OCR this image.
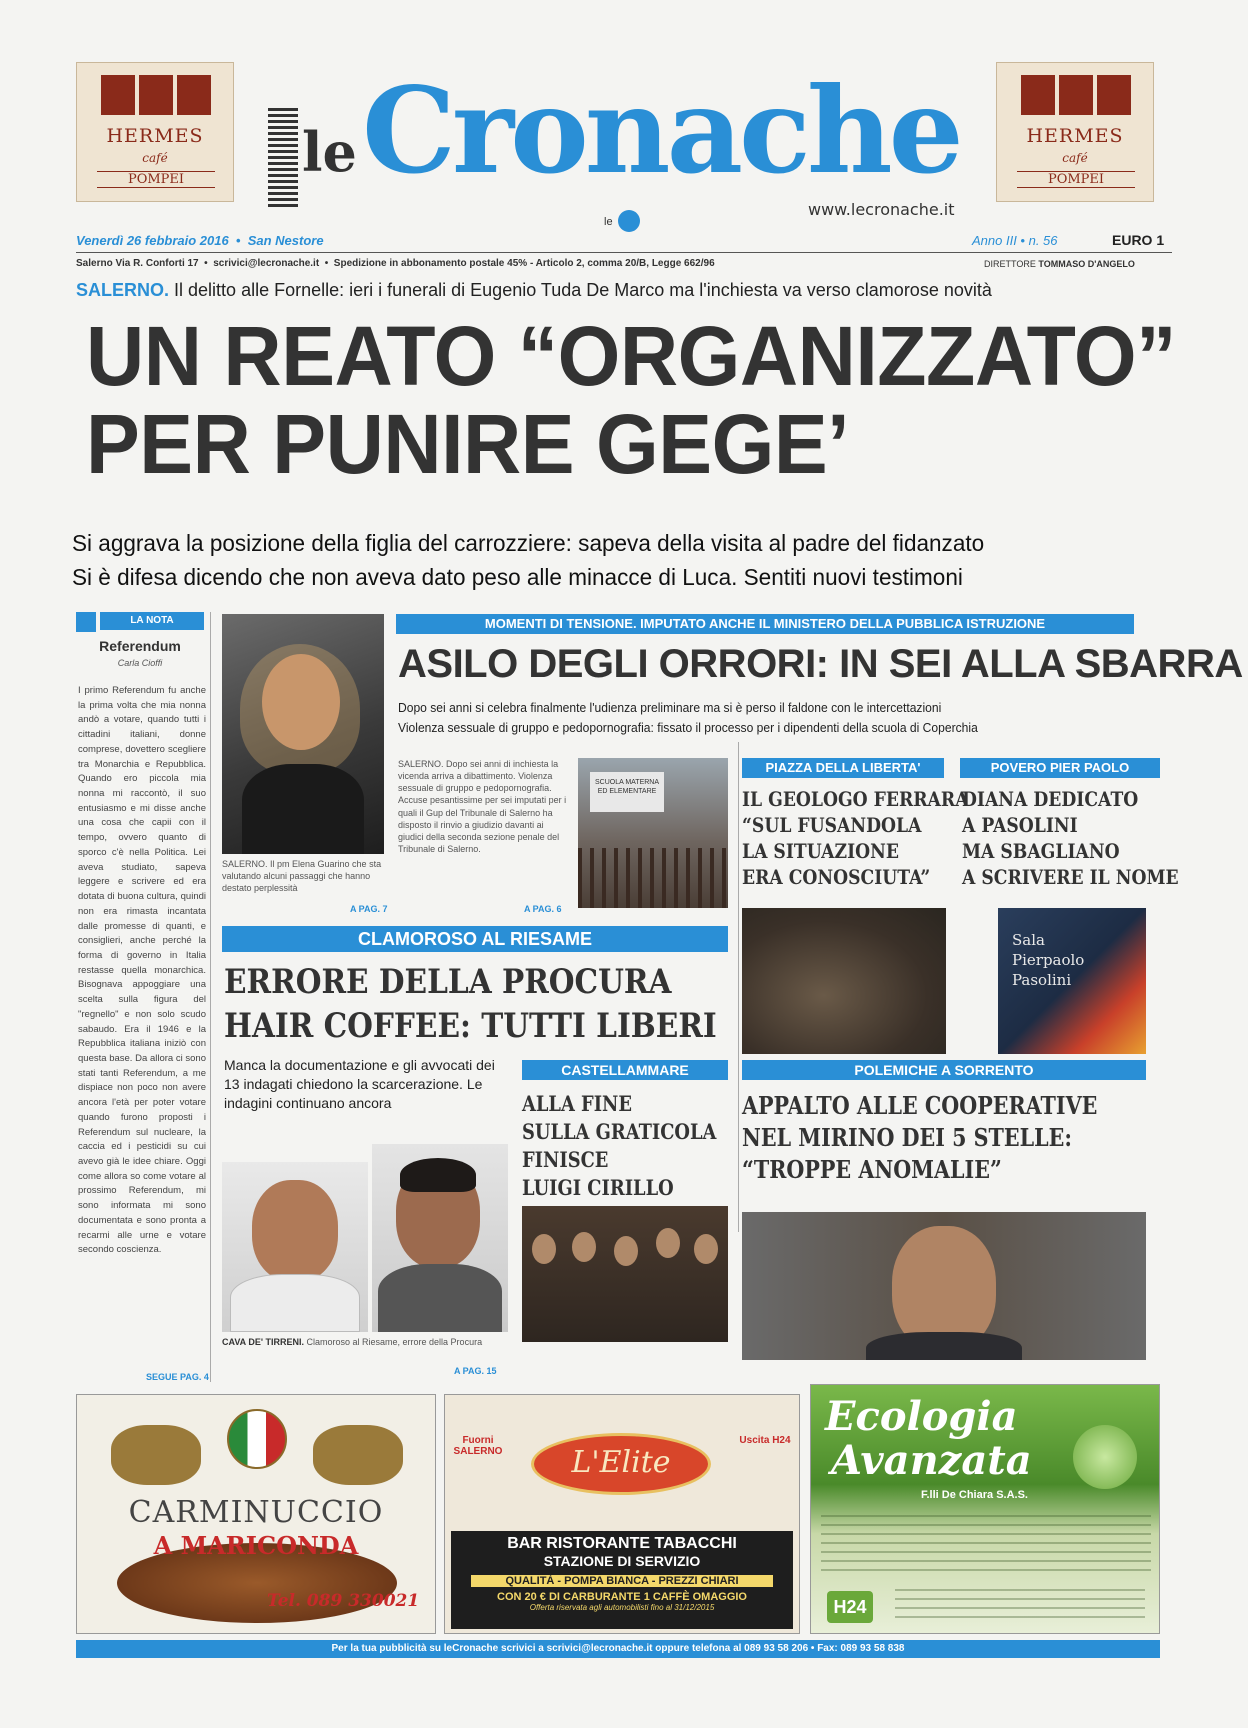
HERMES
café
POMPEI
HERMES
café
POMPEI
le Cronache
www.lecronache.it
le
Venerdì 26 febbraio 2016  •  San Nestore	Anno III • n. 56	EURO 1
Salerno Via R. Conforti 17  •  scrivici@lecronache.it  •  Spedizione in abbonamento postale 45% - Articolo 2, comma 20/B, Legge 662/96	DIRETTORE TOMMASO D'ANGELO
SALERNO. Il delitto alle Fornelle: ieri i funerali di Eugenio Tuda De Marco ma l'inchiesta va verso clamorose novità
UN REATO “ORGANIZZATO”
PER PUNIRE GEGE’
Si aggrava la posizione della figlia del carrozziere: sapeva della visita al padre del fidanzato
Si è difesa dicendo che non aveva dato peso alle minacce di Luca. Sentiti nuovi testimoni
LA NOTA
Referendum
Carla Cioffi
I primo Referendum fu anche la prima volta che mia nonna andò a votare, quando tutti i cittadini italiani, donne comprese, dovettero scegliere tra Monarchia e Repubblica. Quando ero piccola mia nonna mi raccontò, il suo entusiasmo e mi disse anche una cosa che capii con il tempo, ovvero quanto di sporco c'è nella Politica. Lei aveva studiato, sapeva leggere e scrivere ed era dotata di buona cultura, quindi non era rimasta incantata dalle promesse di quanti, e consiglieri, anche perché la forma di governo in Italia restasse quella monarchica. Bisognava appoggiare una scelta sulla figura del "regnello" e non solo scudo sabaudo. Era il 1946 e la Repubblica italiana iniziò con questa base. Da allora ci sono stati tanti Referendum, a me dispiace non poco non avere ancora l'età per poter votare quando furono proposti i Referendum sul nucleare, la caccia ed i pesticidi su cui avevo già le idee chiare. Oggi come allora so come votare al prossimo Referendum, mi sono informata mi sono documentata e sono pronta a recarmi alle urne e votare secondo coscienza.
SEGUE PAG. 4
SALERNO. Il pm Elena Guarino che sta valutando alcuni passaggi che hanno destato perplessità
A PAG. 7
MOMENTI DI TENSIONE. IMPUTATO ANCHE IL MINISTERO DELLA PUBBLICA ISTRUZIONE
ASILO DEGLI ORRORI: IN SEI ALLA SBARRA
Dopo sei anni si celebra finalmente l'udienza preliminare ma si è perso il faldone con le intercettazioni
Violenza sessuale di gruppo e pedopornografia: fissato il processo per i dipendenti della scuola di Coperchia
SALERNO. Dopo sei anni di inchiesta la vicenda arriva a dibattimento. Violenza sessuale di gruppo e pedopornografia. Accuse pesantissime per sei imputati per i quali il Gup del Tribunale di Salerno ha disposto il rinvio a giudizio davanti ai giudici della seconda sezione penale del Tribunale di Salerno.
A PAG. 6
SCUOLA MATERNA ED ELEMENTARE
PIAZZA DELLA LIBERTA'
IL GEOLOGO FERRARA
“SUL FUSANDOLA
LA SITUAZIONE
ERA CONOSCIUTA”
POVERO PIER PAOLO
DIANA DEDICATO
A PASOLINI
MA SBAGLIANO
A SCRIVERE IL NOME
Sala Pierpaolo Pasolini
CLAMOROSO AL RIESAME
ERRORE DELLA PROCURA
HAIR COFFEE: TUTTI LIBERI
Manca la documentazione e gli avvocati dei 13 indagati chiedono la scarcerazione. Le indagini continuano ancora
CAVA DE' TIRRENI. Clamoroso al Riesame, errore della Procura
A PAG. 15
CASTELLAMMARE
ALLA FINE
SULLA GRATICOLA
FINISCE
LUIGI CIRILLO
POLEMICHE A SORRENTO
APPALTO ALLE COOPERATIVE
NEL MIRINO DEI 5 STELLE:
“TROPPE ANOMALIE”
CARMINUCCIO
A MARICONDA
Tel. 089 330021
Fuorni SALERNO	L'Elite
Uscita H24
BAR RISTORANTE TABACCHI
STAZIONE DI SERVIZIO
QUALITÀ - POMPA BIANCA - PREZZI CHIARI
CON 20 € DI CARBURANTE 1 CAFFÈ OMAGGIO
Offerta riservata agli automobilisti fino al 31/12/2015
Ecologia
Avanzata
F.lli De Chiara S.A.S.
H24
Per la tua pubblicità su leCronache scrivici a scrivici@lecronache.it oppure telefona al 089 93 58 206 • Fax: 089 93 58 838
